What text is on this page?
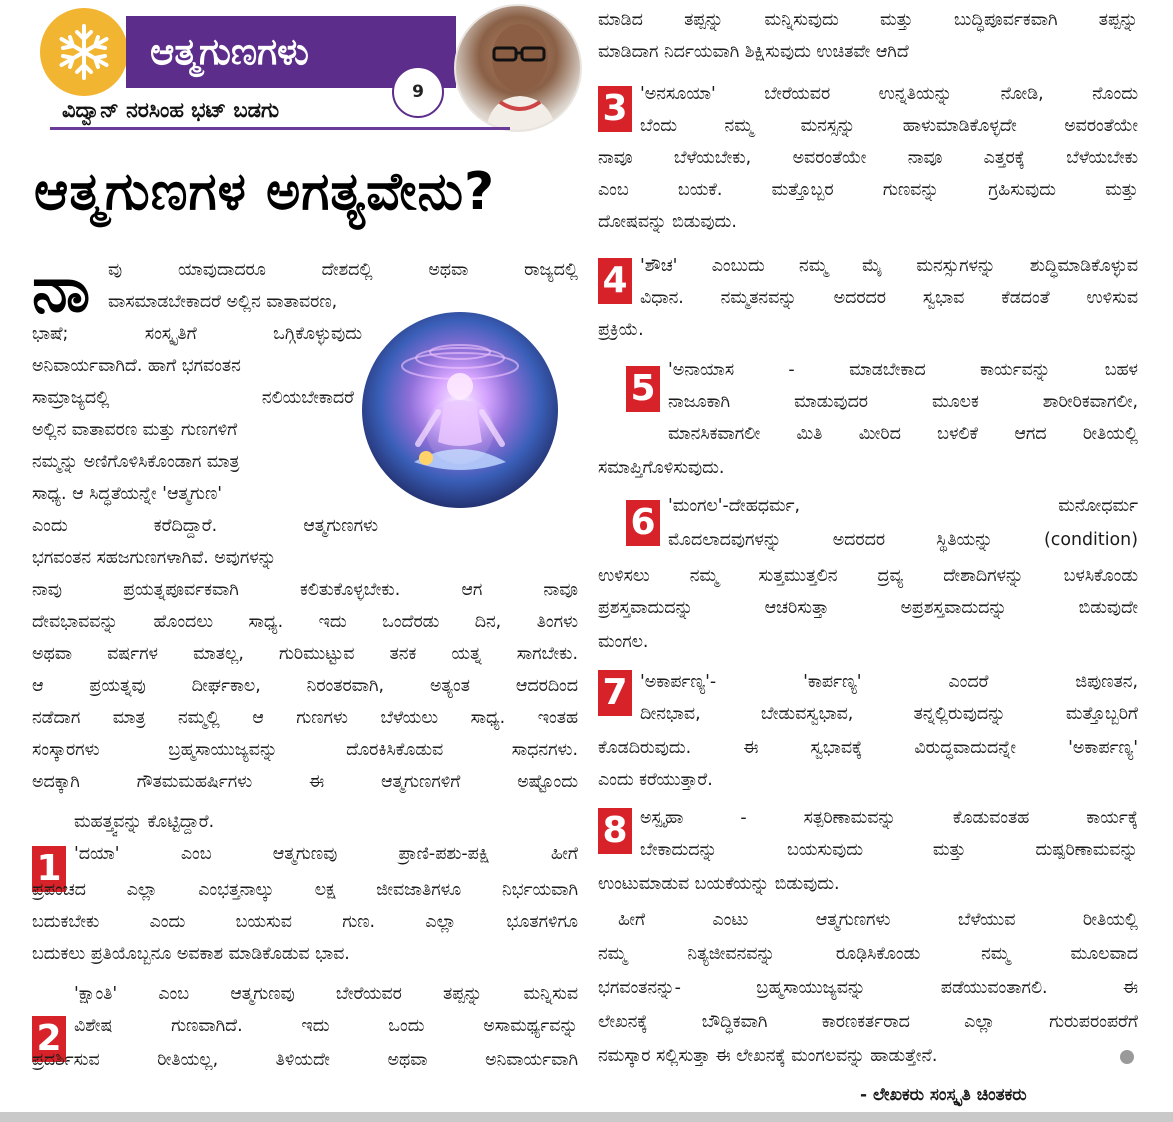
ಆತ್ಮಗುಣಗಳು
9
ವಿದ್ವಾನ್ ನರಸಿಂಹ ಭಟ್ ಬಡಗು
ಆತ್ಮಗುಣಗಳ ಅಗತ್ಯವೇನು?
ನಾ ವು ಯಾವುದಾದರೂ ದೇಶದಲ್ಲಿ ಅಥವಾ ರಾಜ್ಯದಲ್ಲಿ
ವಾಸಮಾಡಬೇಕಾದರೆ ಅಲ್ಲಿನ ವಾತಾವರಣ,
ಭಾಷೆ; ಸಂಸ್ಕೃತಿಗೆ ಒಗ್ಗಿಕೊಳ್ಳುವುದು
ಅನಿವಾರ್ಯವಾಗಿದೆ. ಹಾಗೆ ಭಗವಂತನ
ಸಾಮ್ರಾಜ್ಯದಲ್ಲಿ ನಲಿಯಬೇಕಾದರೆ
ಅಲ್ಲಿನ ವಾತಾವರಣ ಮತ್ತು ಗುಣಗಳಿಗೆ
ನಮ್ಮನ್ನು ಅಣಿಗೊಳಿಸಿಕೊಂಡಾಗ ಮಾತ್ರ
ಸಾಧ್ಯ. ಆ ಸಿದ್ಧತೆಯನ್ನೇ 'ಆತ್ಮಗುಣ'
ಎಂದು ಕರೆದಿದ್ದಾರೆ. ಆತ್ಮಗುಣಗಳು
ಭಗವಂತನ ಸಹಜಗುಣಗಳಾಗಿವೆ. ಅವುಗಳನ್ನು
ನಾವು ಪ್ರಯತ್ನಪೂರ್ವಕವಾಗಿ ಕಲಿತುಕೊಳ್ಳಬೇಕು. ಆಗ ನಾವೂ
ದೇವಭಾವವನ್ನು ಹೊಂದಲು ಸಾಧ್ಯ. ಇದು ಒಂದೆರಡು ದಿನ, ತಿಂಗಳು
ಅಥವಾ ವರ್ಷಗಳ ಮಾತಲ್ಲ, ಗುರಿಮುಟ್ಟುವ ತನಕ ಯತ್ನ ಸಾಗಬೇಕು.
ಆ ಪ್ರಯತ್ನವು ದೀರ್ಘಕಾಲ, ನಿರಂತರವಾಗಿ, ಅತ್ಯಂತ ಆದರದಿಂದ
ನಡೆದಾಗ ಮಾತ್ರ ನಮ್ಮಲ್ಲಿ ಆ ಗುಣಗಳು ಬೆಳೆಯಲು ಸಾಧ್ಯ. ಇಂತಹ
ಸಂಸ್ಕಾರಗಳು ಬ್ರಹ್ಮಸಾಯುಜ್ಯವನ್ನು ದೊರಕಿಸಿಕೊಡುವ ಸಾಧನಗಳು.
ಅದಕ್ಕಾಗಿ ಗೌತಮಮಹರ್ಷಿಗಳು ಈ ಆತ್ಮಗುಣಗಳಿಗೆ ಅಷ್ಟೊಂದು
1
ಮಹತ್ತ್ವವನ್ನು ಕೊಟ್ಟಿದ್ದಾರೆ.
'ದಯಾ' ಎಂಬ ಆತ್ಮಗುಣವು ಪ್ರಾಣಿ-ಪಶು-ಪಕ್ಷಿ ಹೀಗೆ
ಪ್ರಪಂಚದ ಎಲ್ಲಾ ಎಂಭತ್ತನಾಲ್ಕು ಲಕ್ಷ ಜೀವಜಾತಿಗಳೂ ನಿರ್ಭಯವಾಗಿ
ಬದುಕಬೇಕು ಎಂದು ಬಯಸುವ ಗುಣ. ಎಲ್ಲಾ ಭೂತಗಳಿಗೂ
ಬದುಕಲು ಪ್ರತಿಯೊಬ್ಬನೂ ಅವಕಾಶ ಮಾಡಿಕೊಡುವ ಭಾವ.
2
'ಕ್ಷಾಂತಿ' ಎಂಬ ಆತ್ಮಗುಣವು ಬೇರೆಯವರ ತಪ್ಪನ್ನು ಮನ್ನಿಸುವ
ವಿಶೇಷ ಗುಣವಾಗಿದೆ. ಇದು ಒಂದು ಅಸಾಮರ್ಥ್ಯವನ್ನು
ಪ್ರದರ್ಶಿಸುವ ರೀತಿಯಲ್ಲ, ತಿಳಿಯದೇ ಅಥವಾ ಅನಿವಾರ್ಯವಾಗಿ
ಮಾಡಿದ ತಪ್ಪನ್ನು ಮನ್ನಿಸುವುದು ಮತ್ತು ಬುದ್ಧಿಪೂರ್ವಕವಾಗಿ ತಪ್ಪನ್ನು
ಮಾಡಿದಾಗ ನಿರ್ದಯವಾಗಿ ಶಿಕ್ಷಿಸುವುದು ಉಚಿತವೇ ಆಗಿದೆ
3 'ಅನಸೂಯಾ' ಬೇರೆಯವರ ಉನ್ನತಿಯನ್ನು ನೋಡಿ, ನೊಂದು
ಬೆಂದು ನಮ್ಮ ಮನಸ್ಸನ್ನು ಹಾಳುಮಾಡಿಕೊಳ್ಳದೇ ಅವರಂತೆಯೇ
ನಾವೂ ಬೆಳೆಯಬೇಕು, ಅವರಂತೆಯೇ ನಾವೂ ಎತ್ತರಕ್ಕೆ ಬೆಳೆಯಬೇಕು
ಎಂಬ ಬಯಕೆ. ಮತ್ತೊಬ್ಬರ ಗುಣವನ್ನು ಗ್ರಹಿಸುವುದು ಮತ್ತು
ದೋಷವನ್ನು ಬಿಡುವುದು.
4 'ಶೌಚ' ಎಂಬುದು ನಮ್ಮ ಮೈ ಮನಸ್ಸುಗಳನ್ನು ಶುದ್ಧಿಮಾಡಿಕೊಳ್ಳುವ
ವಿಧಾನ. ನಮ್ಮತನವನ್ನು ಅದರದರ ಸ್ವಭಾವ ಕೆಡದಂತೆ ಉಳಿಸುವ
ಪ್ರಕ್ರಿಯೆ.
5 'ಅನಾಯಾಸ - ಮಾಡಬೇಕಾದ ಕಾರ್ಯವನ್ನು ಬಹಳ
ನಾಜೂಕಾಗಿ ಮಾಡುವುದರ ಮೂಲಕ ಶಾರೀರಿಕವಾಗಲೀ,
ಮಾನಸಿಕವಾಗಲೀ ಮಿತಿ ಮೀರಿದ ಬಳಲಿಕೆ ಆಗದ ರೀತಿಯಲ್ಲಿ
ಸಮಾಪ್ತಿಗೊಳಿಸುವುದು.
6 'ಮಂಗಲ'-ದೇಹಧರ್ಮ, ಮನೋಧರ್ಮ
ಮೊದಲಾದವುಗಳನ್ನು ಅದರದರ ಸ್ಥಿತಿಯನ್ನು (condition)
ಉಳಿಸಲು ನಮ್ಮ ಸುತ್ತಮುತ್ತಲಿನ ದ್ರವ್ಯ ದೇಶಾದಿಗಳನ್ನು ಬಳಸಿಕೊಂಡು
ಪ್ರಶಸ್ತವಾದುದನ್ನು ಆಚರಿಸುತ್ತಾ ಅಪ್ರಶಸ್ತವಾದುದನ್ನು ಬಿಡುವುದೇ
ಮಂಗಲ.
7 'ಅಕಾರ್ಪಣ್ಯ'- 'ಕಾರ್ಪಣ್ಯ' ಎಂದರೆ ಜಿಪುಣತನ,
ದೀನಭಾವ, ಬೇಡುವಸ್ವಭಾವ, ತನ್ನಲ್ಲಿರುವುದನ್ನು ಮತ್ತೊಬ್ಬರಿಗೆ
ಕೊಡದಿರುವುದು. ಈ ಸ್ವಭಾವಕ್ಕೆ ವಿರುದ್ಧವಾದುದನ್ನೇ 'ಅಕಾರ್ಪಣ್ಯ'
ಎಂದು ಕರೆಯುತ್ತಾರೆ.
8 ಅಸ್ಪೃಹಾ - ಸತ್ಪರಿಣಾಮವನ್ನು ಕೊಡುವಂತಹ ಕಾರ್ಯಕ್ಕೆ
ಬೇಕಾದುದನ್ನು ಬಯಸುವುದು ಮತ್ತು ದುಷ್ಪರಿಣಾಮವನ್ನು
ಉಂಟುಮಾಡುವ ಬಯಕೆಯನ್ನು ಬಿಡುವುದು.
ಹೀಗೆ ಎಂಟು ಆತ್ಮಗುಣಗಳು ಬೆಳೆಯುವ ರೀತಿಯಲ್ಲಿ
ನಮ್ಮ ನಿತ್ಯಜೀವನವನ್ನು ರೂಢಿಸಿಕೊಂಡು ನಮ್ಮ ಮೂಲವಾದ
ಭಗವಂತನನ್ನು- ಬ್ರಹ್ಮಸಾಯುಜ್ಯವನ್ನು ಪಡೆಯುವಂತಾಗಲಿ. ಈ
ಲೇಖನಕ್ಕೆ ಬೌದ್ಧಿಕವಾಗಿ ಕಾರಣಕರ್ತರಾದ ಎಲ್ಲಾ ಗುರುಪರಂಪರೆಗೆ
ನಮಸ್ಕಾರ ಸಲ್ಲಿಸುತ್ತಾ ಈ ಲೇಖನಕ್ಕೆ ಮಂಗಲವನ್ನು ಹಾಡುತ್ತೇನೆ.
- ಲೇಖಕರು ಸಂಸ್ಕೃತಿ ಚಿಂತಕರು
